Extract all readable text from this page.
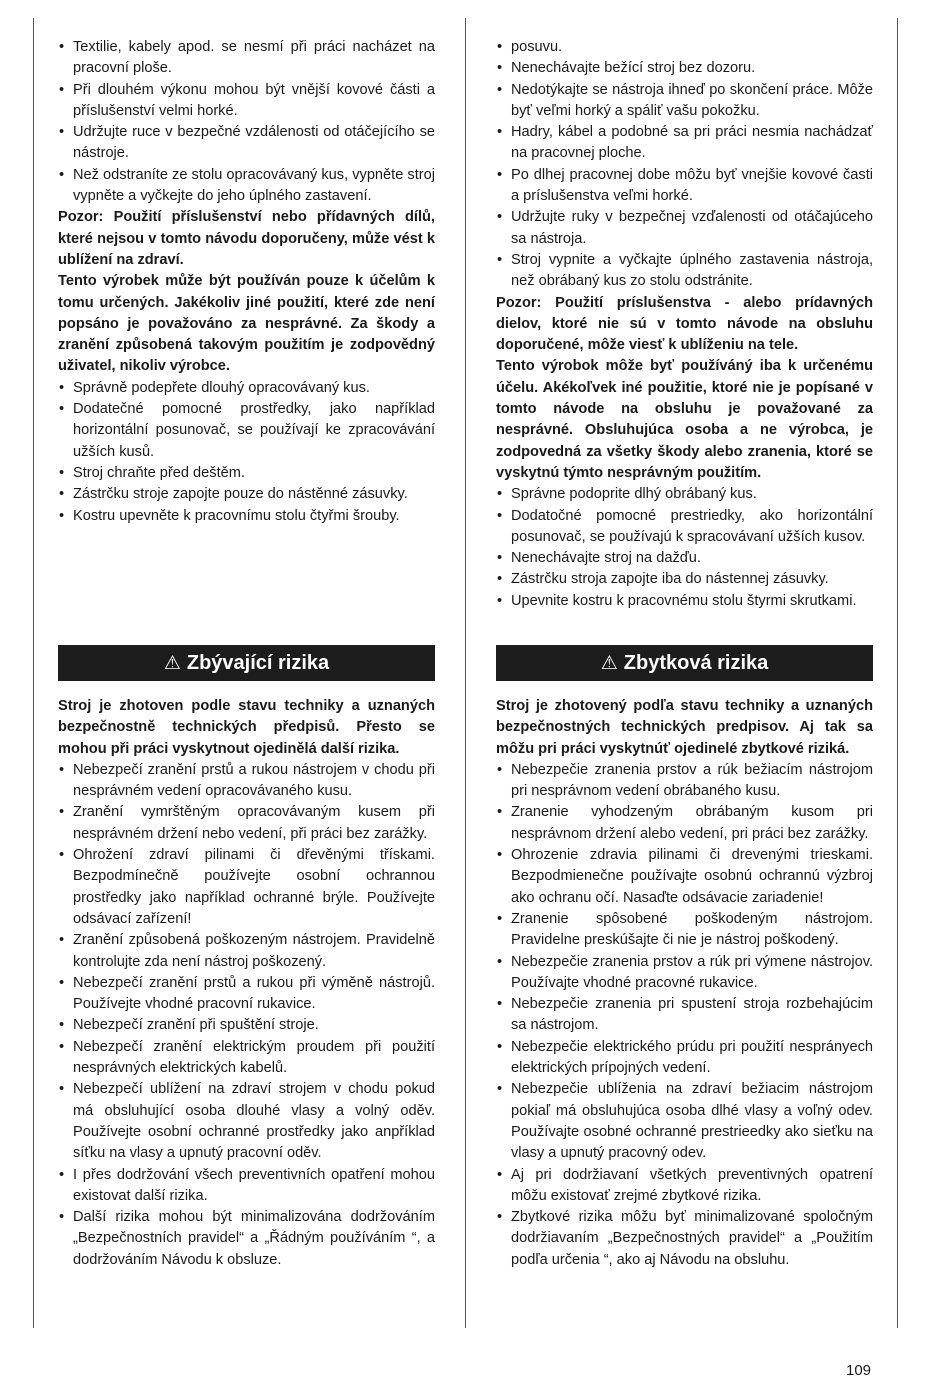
• Textilie, kabely apod. se nesmí při práci nacházet na pracovní ploše.
• Při dlouhém výkonu mohou být vnější kovové části a příslušenství velmi horké.
• Udržujte ruce v bezpečné vzdálenosti od otáčejícího se nástroje.
• Než odstraníte ze stolu opracovávaný kus, vypněte stroj vypněte a vyčkejte do jeho úplného zastavení.

Pozor: Použití příslušenství nebo přídavných dílů, které nejsou v tomto návodu doporučeny, může vést k ublížení na zdraví.

Tento výrobek může být používán pouze k účelům k tomu určených. Jakékoliv jiné použití, které zde není popsáno je považováno za nesprávné. Za škody a zranění způsobená takovým použitím je zodpovědný uživatel, nikoliv výrobce.

• Správně podepřete dlouhý opracovávaný kus.
• Dodatečné pomocné prostředky, jako například horizontální posunovač, se používají ke zpracovávání užších kusů.
• Stroj chraňte před deštěm.
• Zástrčku stroje zapojte pouze do nástěnné zásuvky.
• Kostru upevněte k pracovnímu stolu čtyřmi šrouby.
• posuvu.
• Nenechávajte bežící stroj bez dozoru.
• Nedotýkajte se nástroja ihneď po skončení práce. Môže byť veľmi horký a spáliť vašu pokožku.
• Hadry, kábel a podobné sa pri práci nesmia nachádzať na pracovnej ploche.
• Po dlhej pracovnej dobe môžu byť vnejšie kovové časti a príslušenstva veľmi horké.
• Udržujte ruky v bezpečnej vzďalenosti od otáčajúceho sa nástroja.
• Stroj vypnite a vyčkajte úplného zastavenia nástroja, než obrábaný kus zo stolu odstránite.

Pozor: Použití príslušenstva - alebo prídavných dielov, ktoré nie sú v tomto návode na obsluhu doporučené, môže viesť k ublíženiu na tele.

Tento výrobok môže byť používáný iba k určenému účelu. Akékoľvek iné použitie, ktoré nie je popísané v tomto návode na obsluhu je považované za nesprávné. Obsluhujúca osoba a ne výrobca, je zodpovedná za všetky škody alebo zranenia, ktoré se vyskytnú týmto nesprávným použitím.

• Správne podoprite dlhý obrábaný kus.
• Dodatočné pomocné prestriedky, ako horizontální posunovač, se používajú k spracovávaní užších kusov.
• Nenechávajte stroj na dažďu.
• Zástrčku stroja zapojte iba do nástennej zásuvky.
• Upevnite kostru k pracovnému stolu štyrmi skrutkami.
⚠ Zbývající rizika	⚠ Zbytková rizika

Stroj je zhotoven podle stavu techniky a uznaných bezpečnostně technických předpisů. Přesto se mohou při práci vyskytnout ojedinělá další rizika.

• Nebezpečí zranění prstů a rukou nástrojem v chodu při nesprávném vedení opracovávaného kusu.
• Zranění vymrštěným opracovávaným kusem při nesprávném držení nebo vedení, při práci bez zarážky.
• Ohrožení zdraví pilinami či dřevěnými třískami. Bezpodmínečně používejte osobní ochrannou prostředky jako například ochranné brýle. Používejte odsávací zařízení!
• Zranění způsobená poškozeným nástrojem. Pravidelně kontrolujte zda není nástroj poškozený.
• Nebezpečí zranění prstů a rukou při výměně nástrojů. Používejte vhodné pracovní rukavice.
• Nebezpečí zranění při spuštění stroje.
• Nebezpečí zranění elektrickým proudem při použití nesprávných elektrických kabelů.
• Nebezpečí ublížení na zdraví strojem v chodu pokud má obsluhující osoba dlouhé vlasy a volný oděv. Používejte osobní ochranné prostředky jako anpříklad síťku na vlasy a upnutý pracovní oděv.
• I přes dodržování všech preventivních opatření mohou existovat další rizika.
• Další rizika mohou být minimalizována dodržováním „Bezpečnostních pravidel“ a „Řádným používáním “, a dodržováním Návodu k obsluze.

Stroj je zhotovený podľa stavu techniky a uznaných bezpečnostných technických predpisov. Aj tak sa môžu pri práci vyskytnúť ojedinelé zbytkové riziká.

• Nebezpečie zranenia prstov a rúk bežiacím nástrojom pri nesprávnom vedení obrábaného kusu.
• Zranenie vyhodzeným obrábaným kusom pri nesprávnom držení alebo vedení, pri práci bez zarážky.
• Ohrozenie zdravia pilinami či drevenými trieskami. Bezpodmienečne používajte osobnú ochrannú výzbroj ako ochranu očí. Nasaďte odsávacie zariadenie!
• Zranenie spôsobené poškodeným nástrojom. Pravidelne preskúšajte či nie je nástroj poškodený.
• Nebezpečie zranenia prstov a rúk pri výmene nástrojov. Používajte vhodné pracovné rukavice.
• Nebezpečie zranenia pri spustení stroja rozbehajúcim sa nástrojom.
• Nebezpečie elektrického prúdu pri použití nesprányech elektrických prípojných vedení.
• Nebezpečie ublíženia na zdraví bežiacim nástrojom pokiaľ má obsluhujúca osoba dlhé vlasy a voľný odev. Používajte osobné ochranné prestrieedky ako sieťku na vlasy a upnutý pracovný odev.
• Aj pri dodržiavaní všetkých preventivných opatrení môžu existovať zrejmé zbytkové rizika.
• Zbytkové rizika môžu byť minimalizované spoločným dodržiavaním „Bezpečnostných pravidel“ a „Použitím podľa určenia “, ako aj Návodu na obsluhu.
109
